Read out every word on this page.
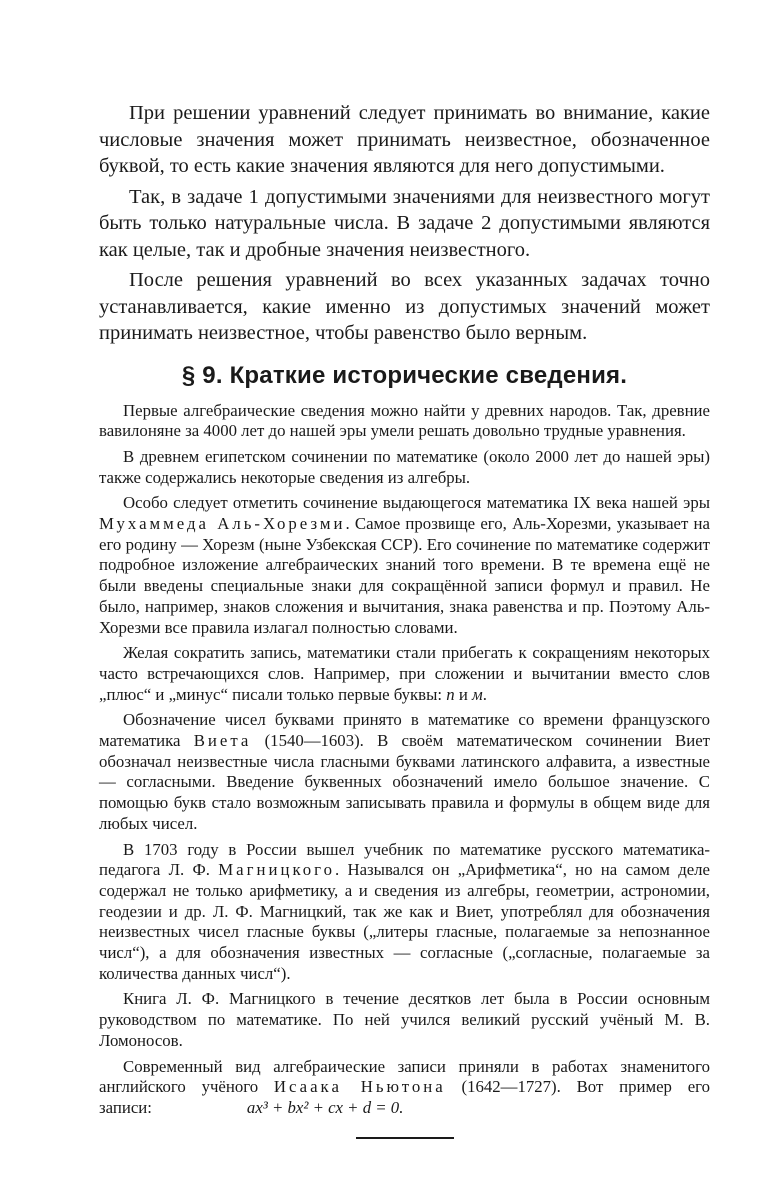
При решении уравнений следует принимать во внимание, какие числовые значения может принимать неизвестное, обозначенное буквой, то есть какие значения являются для него допустимыми.

Так, в задаче 1 допустимыми значениями для неизвестного могут быть только натуральные числа. В задаче 2 допустимыми являются как целые, так и дробные значения неизвестного.

После решения уравнений во всех указанных задачах точно устанавливается, какие именно из допустимых значений может принимать неизвестное, чтобы равенство было верным.

§ 9. Краткие исторические сведения.

Первые алгебраические сведения можно найти у древних народов. Так, древние вавилоняне за 4000 лет до нашей эры умели решать довольно трудные уравнения.

В древнем египетском сочинении по математике (около 2000 лет до нашей эры) также содержались некоторые сведения из алгебры.

Особо следует отметить сочинение выдающегося математика IX века нашей эры Мухаммеда Аль-Хорезми. Самое прозвище его, Аль-Хорезми, указывает на его родину — Хорезм (ныне Узбекская ССР). Его сочинение по математике содержит подробное изложение алгебраических знаний того времени. В те времена ещё не были введены специальные знаки для сокращённой записи формул и правил. Не было, например, знаков сложения и вычитания, знака равенства и пр. Поэтому Аль-Хорезми все правила излагал полностью словами.

Желая сократить запись, математики стали прибегать к сокращениям некоторых часто встречающихся слов. Например, при сложении и вычитании вместо слов „плюс“ и „минус“ писали только первые буквы: п и м.

Обозначение чисел буквами принято в математике со времени французского математика Виета (1540—1603). В своём математическом сочинении Виет обозначал неизвестные числа гласными буквами латинского алфавита, а известные — согласными. Введение буквенных обозначений имело большое значение. С помощью букв стало возможным записывать правила и формулы в общем виде для любых чисел.

В 1703 году в России вышел учебник по математике русского математика-педагога Л. Ф. Магницкого. Назывался он „Арифметика“, но на самом деле содержал не только арифметику, а и сведения из алгебры, геометрии, астрономии, геодезии и др. Л. Ф. Магницкий, так же как и Виет, употреблял для обозначения неизвестных чисел гласные буквы („литеры гласные, полагаемые за непознанное числ“), а для обозначения известных — согласные („согласные, полагаемые за количества данных числ“).

Книга Л. Ф. Магницкого в течение десятков лет была в России основным руководством по математике. По ней учился великий русский учёный М. В. Ломоносов.

Современный вид алгебраические записи приняли в работах знаменитого английского учёного Исаака Ньютона (1642—1727). Вот пример его записи:	ax³ + bx² + cx + d = 0.
